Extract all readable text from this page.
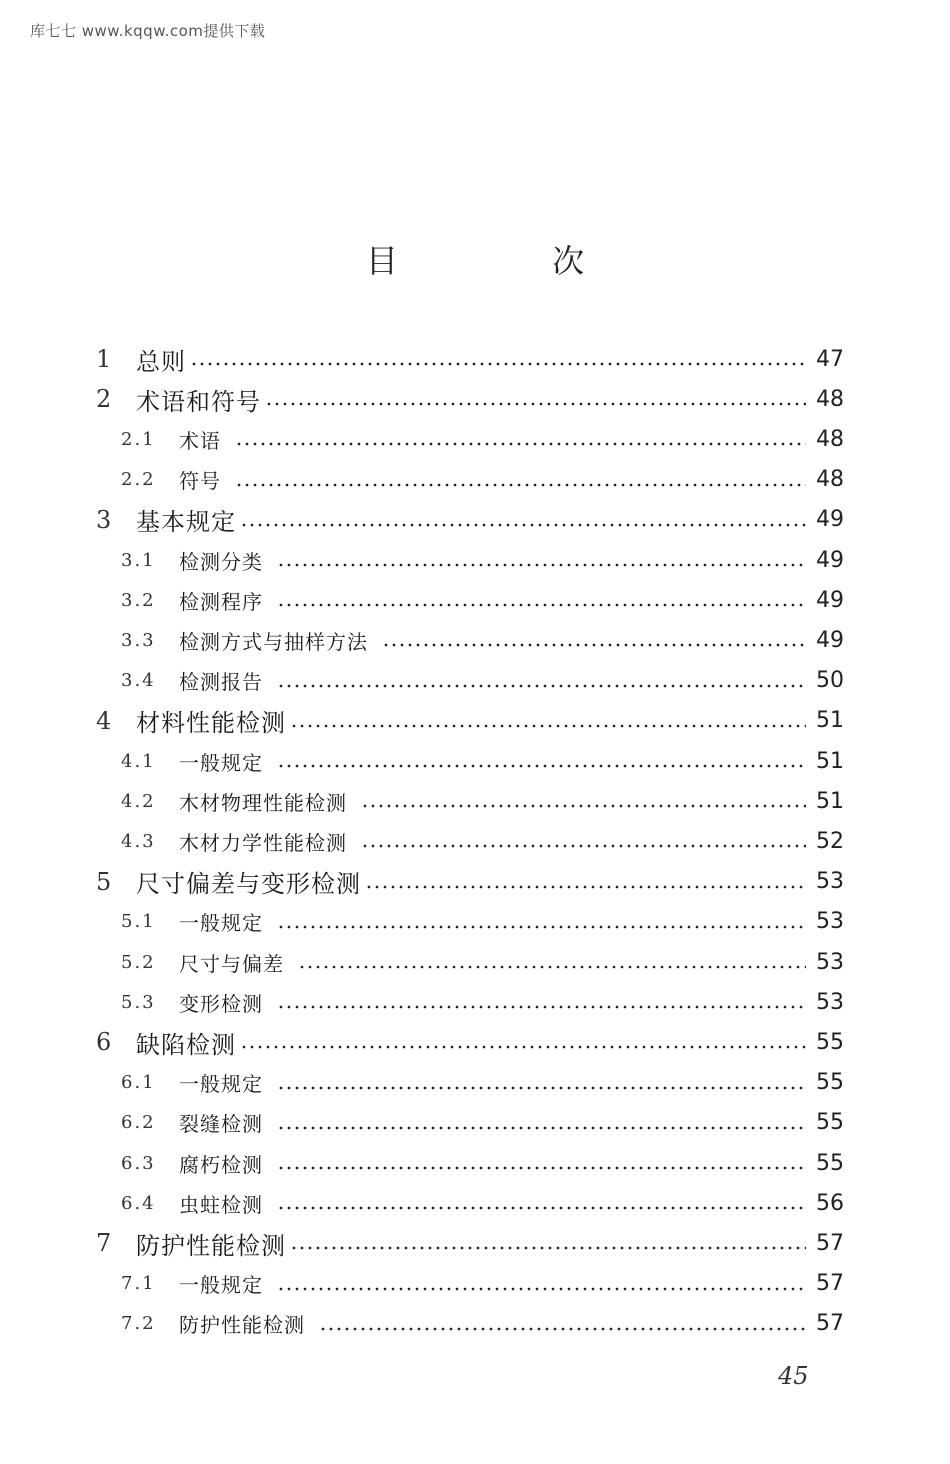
库七七 www.kqqw.com提供下载
目 次
1	总则	47
2	术语和符号	48
2.1	术语	48
2.2	符号	48
3	基本规定	49
3.1	检测分类	49
3.2	检测程序	49
3.3	检测方式与抽样方法	49
3.4	检测报告	50
4	材料性能检测	51
4.1	一般规定	51
4.2	木材物理性能检测	51
4.3	木材力学性能检测	52
5	尺寸偏差与变形检测	53
5.1	一般规定	53
5.2	尺寸与偏差	53
5.3	变形检测	53
6	缺陷检测	55
6.1	一般规定	55
6.2	裂缝检测	55
6.3	腐朽检测	55
6.4	虫蛀检测	56
7	防护性能检测	57
7.1	一般规定	57
7.2	防护性能检测	57
45
